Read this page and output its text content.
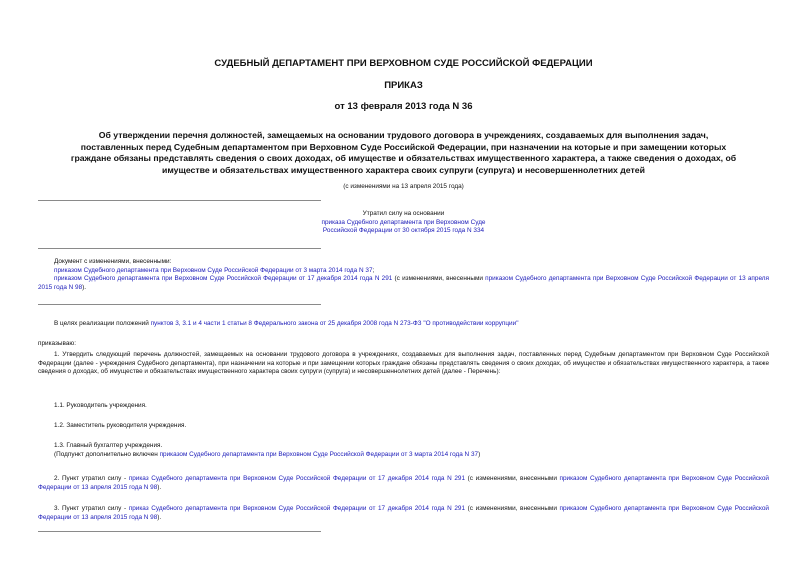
СУДЕБНЫЙ ДЕПАРТАМЕНТ ПРИ ВЕРХОВНОМ СУДЕ РОССИЙСКОЙ ФЕДЕРАЦИИ
ПРИКАЗ
от 13 февраля 2013 года N 36
Об утверждении перечня должностей, замещаемых на основании трудового договора в учреждениях, создаваемых для выполнения задач, поставленных перед Судебным департаментом при Верховном Суде Российской Федерации, при назначении на которые и при замещении которых граждане обязаны представлять сведения о своих доходах, об имуществе и обязательствах имущественного характера, а также сведения о доходах, об имуществе и обязательствах имущественного характера своих супруги (супруга) и несовершеннолетних детей
(с изменениями на 13 апреля 2015 года)
Утратил силу на основании
приказа Судебного департамента при Верховном Суде
Российской Федерации от 30 октября 2015 года N 334
Документ с изменениями, внесенными:
приказом Судебного департамента при Верховном Суде Российской Федерации от 3 марта 2014 года N 37;
приказом Судебного департамента при Верховном Суде Российской Федерации от 17 декабря 2014 года N 291 (с изменениями, внесенными приказом Судебного департамента при Верховном Суде Российской Федерации от 13 апреля 2015 года N 98).
В целях реализации положений пунктов 3, 3.1 и 4 части 1 статьи 8 Федерального закона от 25 декабря 2008 года N 273-ФЗ "О противодействии коррупции"
приказываю:
1. Утвердить следующий перечень должностей, замещаемых на основании трудового договора в учреждениях, создаваемых для выполнения задач, поставленных перед Судебным департаментом при Верховном Суде Российской Федерации (далее - учреждения Судебного департамента), при назначении на которые и при замещении которых граждане обязаны представлять сведения о своих доходах, об имуществе и обязательствах имущественного характера, а также сведения о доходах, об имуществе и обязательствах имущественного характера своих супруги (супруга) и несовершеннолетних детей (далее - Перечень):
1.1. Руководитель учреждения.
1.2. Заместитель руководителя учреждения.
1.3. Главный бухгалтер учреждения.
(Подпункт дополнительно включен приказом Судебного департамента при Верховном Суде Российской Федерации от 3 марта 2014 года N 37)
2. Пункт утратил силу - приказ Судебного департамента при Верховном Суде Российской Федерации от 17 декабря 2014 года N 291 (с изменениями, внесенными приказом Судебного департамента при Верховном Суде Российской Федерации от 13 апреля 2015 года N 98).
3. Пункт утратил силу - приказ Судебного департамента при Верховном Суде Российской Федерации от 17 декабря 2014 года N 291 (с изменениями, внесенными приказом Судебного департамента при Верховном Суде Российской Федерации от 13 апреля 2015 года N 98).
